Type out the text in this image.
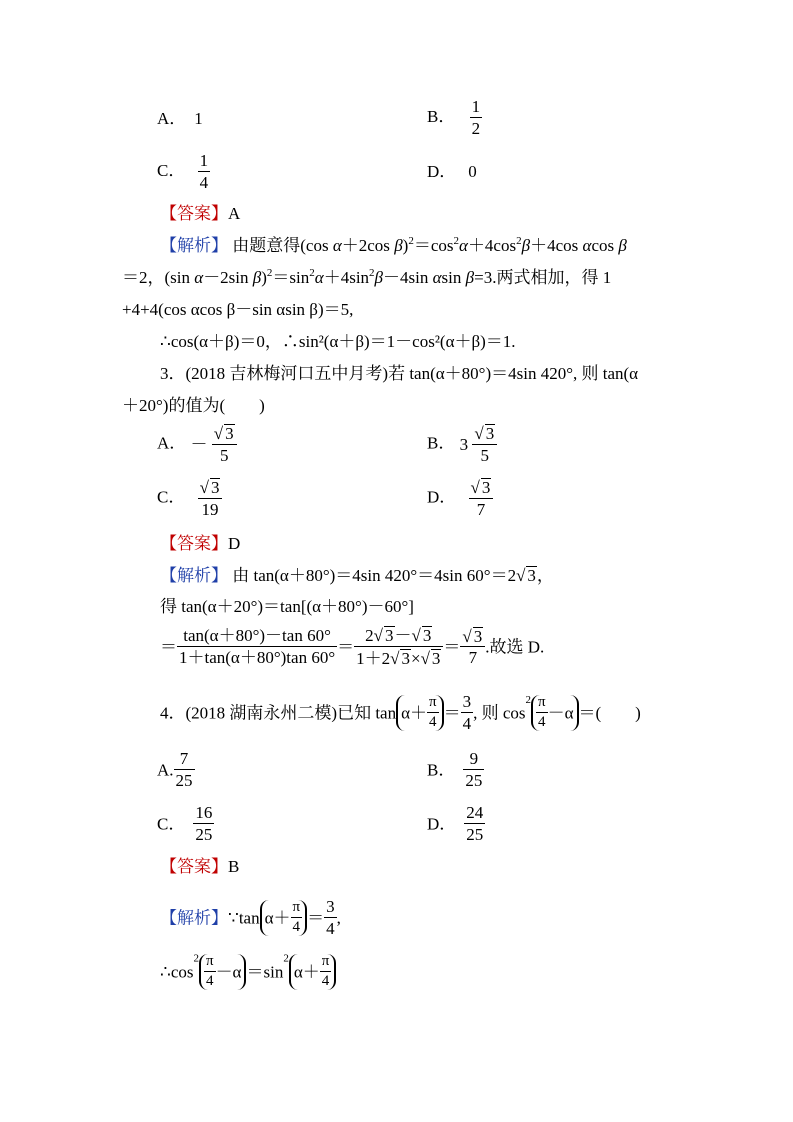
A． 1	B． $\frac{1}{2}$
C． $\frac{1}{4}$	D． 0
【答案】A
【解析】 由题意得(cos α＋2cos $\beta)^2=\cos^2\alpha+4\cos^2\beta+4\cos$ αcos β
＝2，(sin α－2sin $\beta)^2=\sin^2\alpha+4\sin^2\beta-4\sin$ αsin β=3.两式相加，得 1
+4+4(cos αcos β－sin αsin β)＝5,
∴cos(α＋β)＝0，∴sin²(α＋β)＝1－cos²(α＋β)＝1.
3．(2018 吉林梅河口五中月考)若 tan(α＋80°)＝4sin 420°, 则 tan(α
＋20°)的值为(　　)
A． － $\frac{√ 3}{5}$	B． $3 \frac{√ 3}{5}$
C． $\frac{√ 3}{19}$	D． $\frac{√ 3}{7}$
【答案】D
【解析】 由 tan(α＋80°)＝4sin 420°＝4sin 60°＝2√ 3，
得 tan(α＋20°)＝tan[(α＋80°)－60°]
＝ $\frac{\tan(\alpha+80^\circ)-\tan 60^\circ}{1+\tan(\alpha+80^\circ)\tan 60^\circ} = \frac{2√ 3-√ 3}{1+2√ 3\times√ 3} = \frac{√ 3}{7}$ .故选 D.
4．(2018 湖南永州二模)已知 $\tan \alpha+ \frac{\pi}{4} = \frac{3}{4}$ , 则 $\cos^2 \frac{\pi}{4} -\alpha$ ＝(　　)
A. $\frac{7}{25}$	B． $\frac{9}{25}$
C． $\frac{16}{25}$	D． $\frac{24}{25}$
【答案】B
【解析】∵tan $\alpha+ \frac{\pi}{4} = \frac{3}{4}$ ,
$\therefore\cos^2 \frac{\pi}{4} -\alpha =\sin^2\alpha+ \frac{\pi}{4}$
